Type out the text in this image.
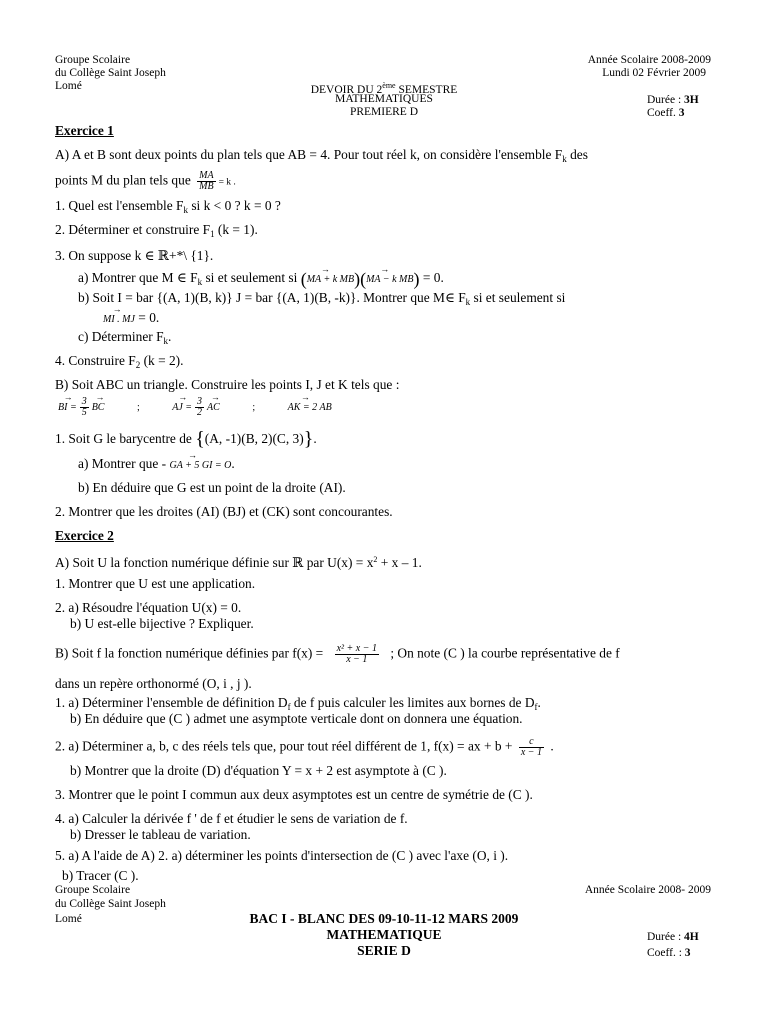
Groupe Scolaire
du Collège Saint Joseph
Lomé
Année Scolaire 2008-2009
Lundi 02 Février 2009
DEVOIR DU 2ème SEMESTRE
MATHEMATIQUES
PREMIERE D
Durée : 3H
Coeff. 3
Exercice 1
A) A et B sont deux points du plan tels que AB = 4. Pour tout réel k, on considère l'ensemble $F_k$ des
points M du plan tels que $\frac{MA}{MB} = k$ .
1. Quel est l'ensemble $F_k$ si k < 0 ? k = 0 ?
2. Déterminer et construire $F_1$ (k = 1).
3. On suppose k ∈ ℝ+*\ {1}.
a) Montrer que M ∈ $F_k$ si et seulement si (→ MA + k MB)(→ MA − k MB) = 0.
b) Soit I = bar {(A, 1)(B, k)} J = bar {(A, 1)(B, -k)}. Montrer que M∈ $F_k$ si et seulement si
→ MI . MJ = 0.
c) Déterminer $F_k$.
4. Construire $F_2$ (k = 2).
B) Soit ABC un triangle. Construire les points I, J et K tels que :
→ BI = $\frac{3}{5}$ → BC	;	→ AJ = $\frac{3}{2}$ → AC	;	→ AK = 2 AB
1. Soit G le barycentre de {(A, -1)(B, 2)(C, 3)}.
a) Montrer que - → GA + 5 GI = O.
b) En déduire que G est un point de la droite (AI).
2. Montrer que les droites (AI) (BJ) et (CK) sont concourantes.
Exercice 2
A) Soit U la fonction numérique définie sur ℝ par $U(x) = x^2 + x - 1$.
1. Montrer que U est une application.
2. a) Résoudre l'équation U(x) = 0.
b) U est-elle bijective ? Expliquer.
B) Soit f la fonction numérique définies par $f(x) = \frac{\text{x² + x − 1}}{x - 1}$ ; On note (C ) la courbe représentative de f
dans un repère orthonormé (O, i , j ).
1. a) Déterminer l'ensemble de définition $D_f$ de f puis calculer les limites aux bornes de $D_f$.
b) En déduire que (C ) admet une asymptote verticale dont on donnera une équation.
2. a) Déterminer a, b, c des réels tels que, pour tout réel différent de 1, f(x) = ax + $b + \frac{c}{x - 1}$ .
b) Montrer que la droite (D) d'équation Y = x + 2 est asymptote à (C ).
3. Montrer que le point I commun aux deux asymptotes est un centre de symétrie de (C ).
4. a) Calculer la dérivée f ' de f et étudier le sens de variation de f.
b) Dresser le tableau de variation.
5. a) A l'aide de A) 2. a) déterminer les points d'intersection de (C ) avec l'axe (O, i ).
b) Tracer (C ).
Groupe Scolaire
du Collège Saint Joseph
Lomé
Année Scolaire 2008- 2009
BAC I - BLANC DES 09-10-11-12 MARS 2009
MATHEMATIQUE
SERIE D
Durée : 4H
Coeff. : 3
